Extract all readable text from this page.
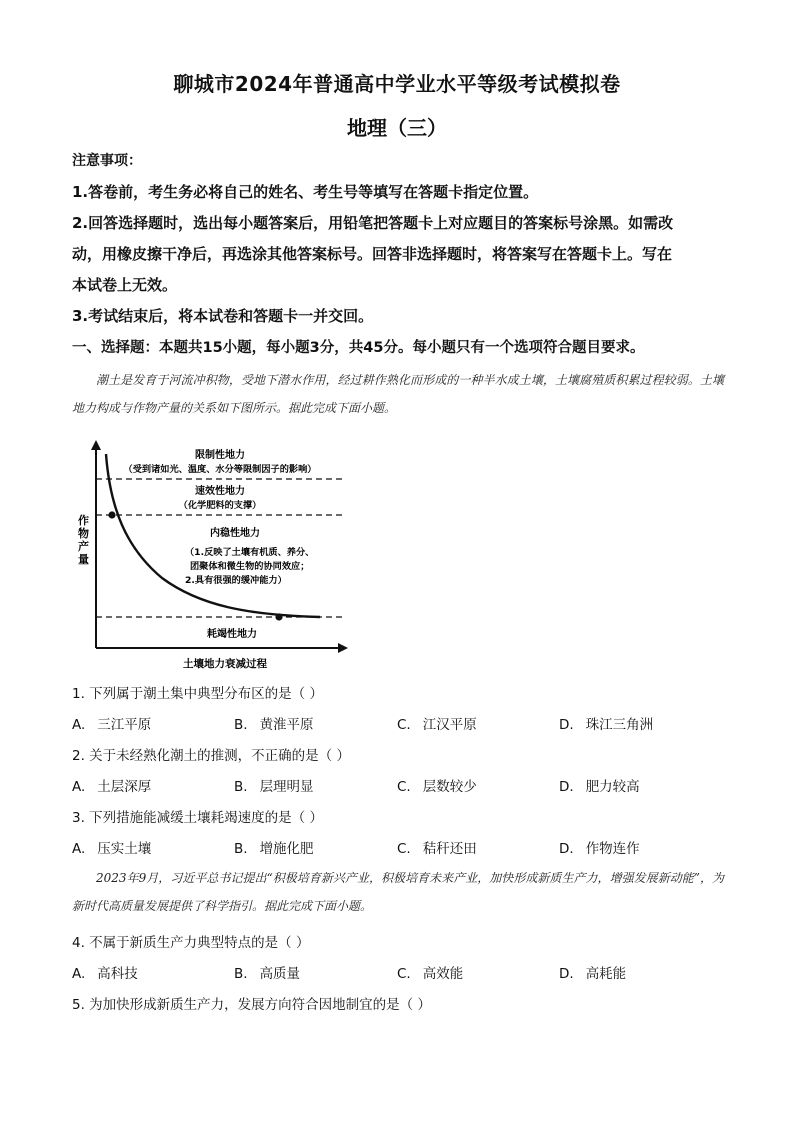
聊城市2024年普通高中学业水平等级考试模拟卷
地理（三）
注意事项：
1.答卷前，考生务必将自己的姓名、考生号等填写在答题卡指定位置。
2.回答选择题时，选出每小题答案后，用铅笔把答题卡上对应题目的答案标号涂黑。如需改
动，用橡皮擦干净后，再选涂其他答案标号。回答非选择题时，将答案写在答题卡上。写在
本试卷上无效。
3.考试结束后，将本试卷和答题卡一并交回。
一、选择题：本题共15小题，每小题3分，共45分。每小题只有一个选项符合题目要求。
潮土是发育于河流冲积物，受地下潜水作用，经过耕作熟化而形成的一种半水成土壤，土壤腐殖质积累过程较弱。土壤地力构成与作物产量的关系如下图所示。据此完成下面小题。
作
物
产
量
限制性地力
（受到诸如光、温度、水分等限制因子的影响）
速效性地力
（化学肥料的支撑）
内稳性地力
（1.反映了土壤有机质、养分、
团聚体和微生物的协同效应；
2.具有很强的缓冲能力）
耗竭性地力
土壤地力衰减过程
1. 下列属于潮土集中典型分布区的是（ ）
A. 三江平原	B. 黄淮平原	C. 江汉平原	D. 珠江三角洲
2. 关于未经熟化潮土的推测，不正确的是（ ）
A. 土层深厚	B. 层理明显	C. 层数较少	D. 肥力较高
3. 下列措施能减缓土壤耗竭速度的是（ ）
A. 压实土壤	B. 增施化肥	C. 秸秆还田	D. 作物连作
2023年9月，习近平总书记提出“积极培育新兴产业，积极培育未来产业，加快形成新质生产力，增强发展新动能”，为新时代高质量发展提供了科学指引。据此完成下面小题。
4. 不属于新质生产力典型特点的是（ ）
A. 高科技	B. 高质量	C. 高效能	D. 高耗能
5. 为加快形成新质生产力，发展方向符合因地制宜的是（ ）
